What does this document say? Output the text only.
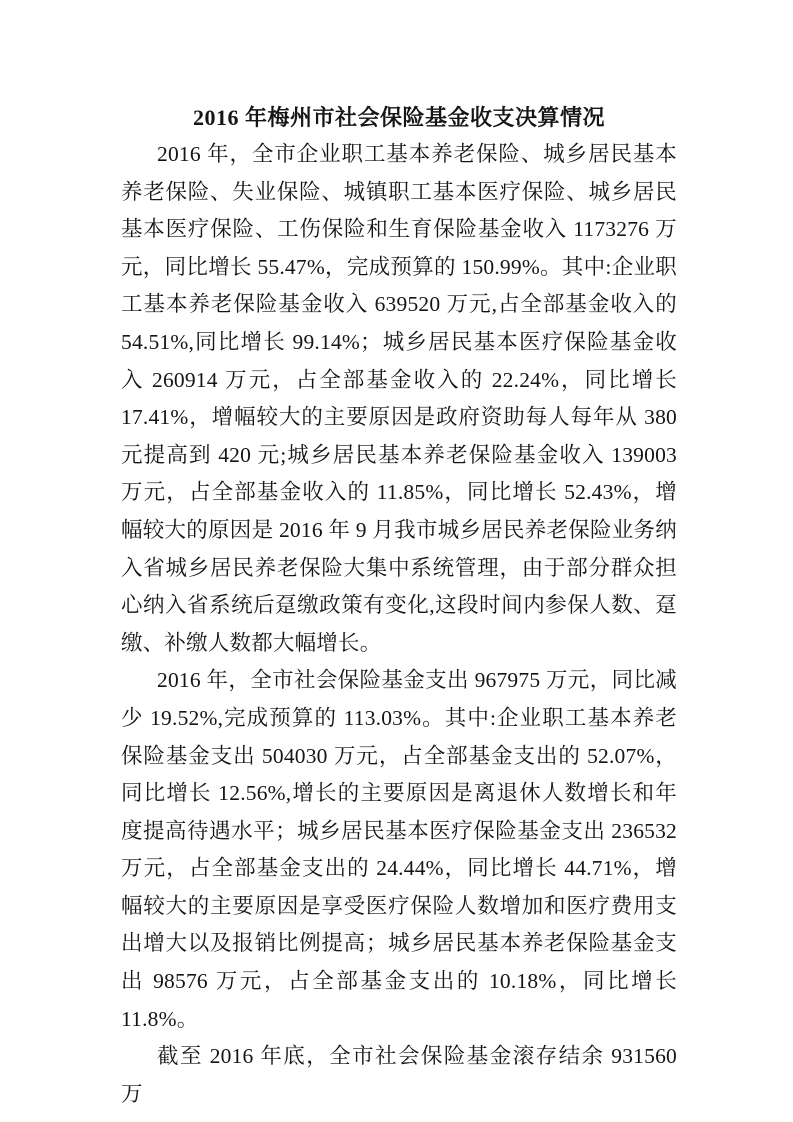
2016 年梅州市社会保险基金收支决算情况

2016 年，全市企业职工基本养老保险、城乡居民基本养老保险、失业保险、城镇职工基本医疗保险、城乡居民基本医疗保险、工伤保险和生育保险基金收入 1173276 万元，同比增长 55.47%，完成预算的 150.99%。其中:企业职工基本养老保险基金收入 639520 万元,占全部基金收入的 54.51%,同比增长 99.14%；城乡居民基本医疗保险基金收入 260914 万元，占全部基金收入的 22.24%，同比增长 17.41%，增幅较大的主要原因是政府资助每人每年从 380 元提高到 420 元;城乡居民基本养老保险基金收入 139003 万元，占全部基金收入的 11.85%，同比增长 52.43%，增幅较大的原因是 2016 年 9 月我市城乡居民养老保险业务纳入省城乡居民养老保险大集中系统管理，由于部分群众担心纳入省系统后趸缴政策有变化,这段时间内参保人数、趸缴、补缴人数都大幅增长。

2016 年，全市社会保险基金支出 967975 万元，同比减少 19.52%,完成预算的 113.03%。其中:企业职工基本养老保险基金支出 504030 万元，占全部基金支出的 52.07%，同比增长 12.56%,增长的主要原因是离退休人数增长和年度提高待遇水平；城乡居民基本医疗保险基金支出 236532 万元，占全部基金支出的 24.44%，同比增长 44.71%，增幅较大的主要原因是享受医疗保险人数增加和医疗费用支出增大以及报销比例提高；城乡居民基本养老保险基金支出 98576 万元，占全部基金支出的 10.18%，同比增长 11.8%。

截至 2016 年底，全市社会保险基金滚存结余 931560 万
